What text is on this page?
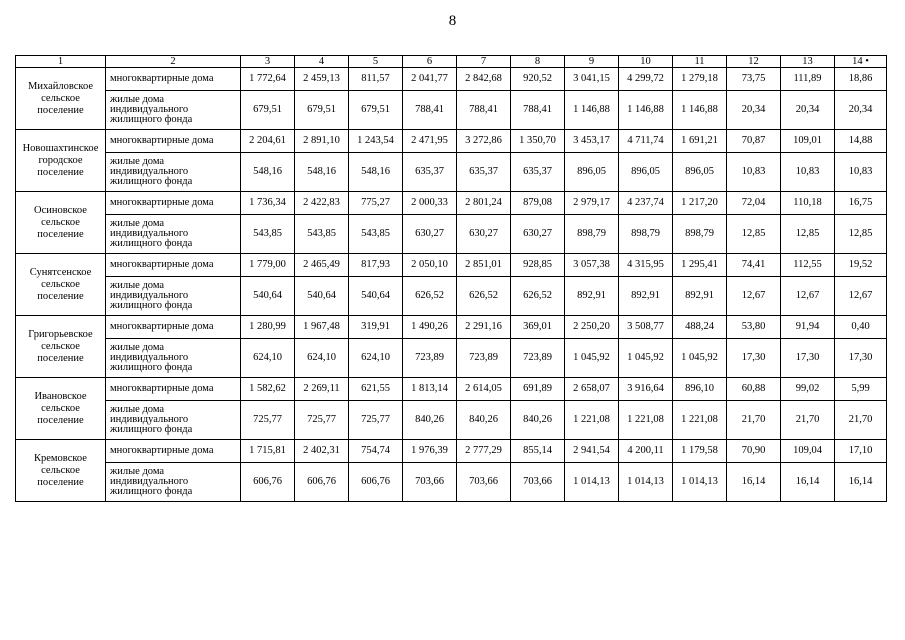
8
1	2	3	4	5	6	7	8	9	10	11	12	13	14 •
Михайловское сельское поселение	многоквартирные дома	1 772,64	2 459,13	811,57	2 041,77	2 842,68	920,52	3 041,15	4 299,72	1 279,18	73,75	111,89	18,86
	жилые дома индивидуального жилищного фонда	679,51	679,51	679,51	788,41	788,41	788,41	1 146,88	1 146,88	1 146,88	20,34	20,34	20,34
Новошахтинское городское поселение	многоквартирные дома	2 204,61	2 891,10	1 243,54	2 471,95	3 272,86	1 350,70	3 453,17	4 711,74	1 691,21	70,87	109,01	14,88
	жилые дома индивидуального жилищного фонда	548,16	548,16	548,16	635,37	635,37	635,37	896,05	896,05	896,05	10,83	10,83	10,83
Осиновское сельское поселение	многоквартирные дома	1 736,34	2 422,83	775,27	2 000,33	2 801,24	879,08	2 979,17	4 237,74	1 217,20	72,04	110,18	16,75
	жилые дома индивидуального жилищного фонда	543,85	543,85	543,85	630,27	630,27	630,27	898,79	898,79	898,79	12,85	12,85	12,85
Сунятсенское сельское поселение	многоквартирные дома	1 779,00	2 465,49	817,93	2 050,10	2 851,01	928,85	3 057,38	4 315,95	1 295,41	74,41	112,55	19,52
	жилые дома индивидуального жилищного фонда	540,64	540,64	540,64	626,52	626,52	626,52	892,91	892,91	892,91	12,67	12,67	12,67
Григорьевское сельское поселение	многоквартирные дома	1 280,99	1 967,48	319,91	1 490,26	2 291,16	369,01	2 250,20	3 508,77	488,24	53,80	91,94	0,40
	жилые дома индивидуального жилищного фонда	624,10	624,10	624,10	723,89	723,89	723,89	1 045,92	1 045,92	1 045,92	17,30	17,30	17,30
Ивановское сельское поселение	многоквартирные дома	1 582,62	2 269,11	621,55	1 813,14	2 614,05	691,89	2 658,07	3 916,64	896,10	60,88	99,02	5,99
	жилые дома индивидуального жилищного фонда	725,77	725,77	725,77	840,26	840,26	840,26	1 221,08	1 221,08	1 221,08	21,70	21,70	21,70
Кремовское сельское поселение	многоквартирные дома	1 715,81	2 402,31	754,74	1 976,39	2 777,29	855,14	2 941,54	4 200,11	1 179,58	70,90	109,04	17,10
	жилые дома индивидуального жилищного фонда	606,76	606,76	606,76	703,66	703,66	703,66	1 014,13	1 014,13	1 014,13	16,14	16,14	16,14
